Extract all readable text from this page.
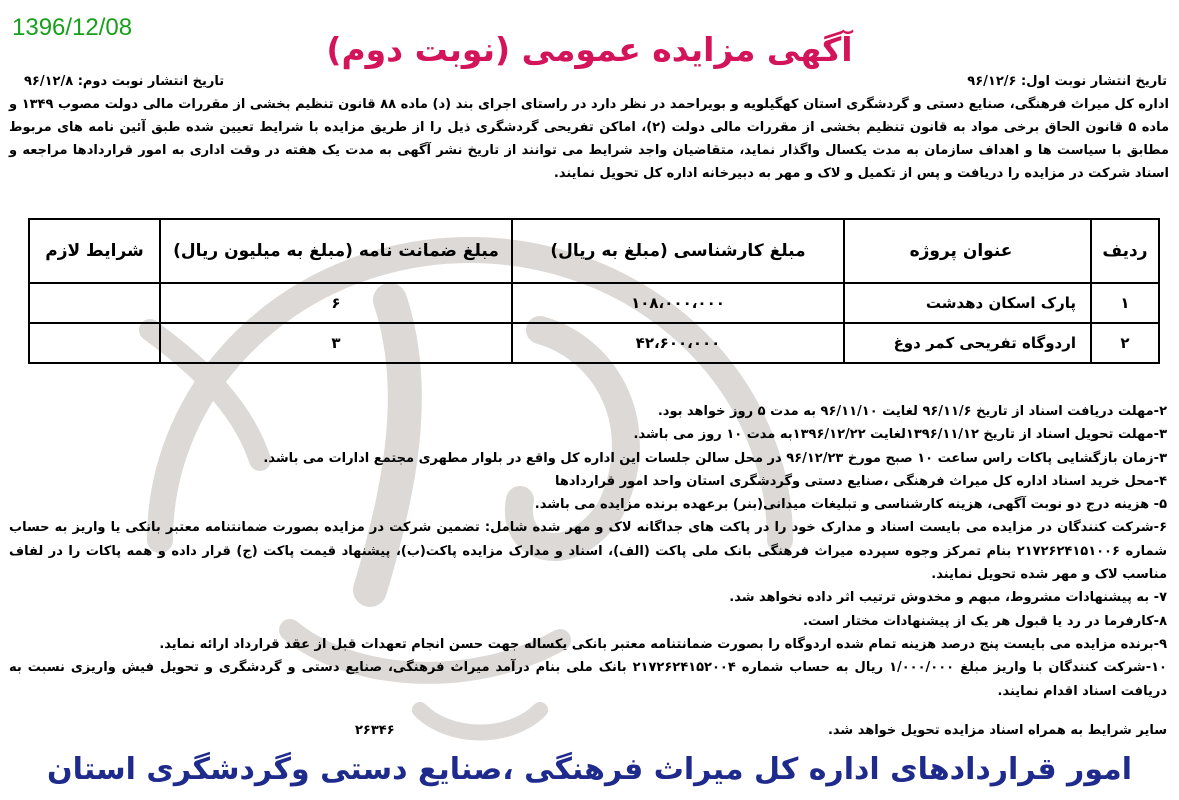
1396/12/08
آگهی مزایده عمومی (نوبت دوم)
تاریخ انتشار نوبت اول: ۹۶/۱۲/۶
تاریخ انتشار نوبت دوم: ۹۶/۱۲/۸
اداره کل میراث فرهنگی، صنایع دستی و گردشگری استان کهگیلویه و بویراحمد در نظر دارد در راستای اجرای بند (د) ماده ۸۸ قانون تنظیم بخشی از مقررات مالی دولت مصوب ۱۳۴۹ و ماده ۵ قانون الحاق برخی مواد به قانون تنظیم بخشی از مقررات مالی دولت (۲)، اماکن تفریحی گردشگری ذیل را از طریق مزایده با شرایط تعیین شده طبق آئین نامه های مربوط مطابق با سیاست ها و اهداف سازمان به مدت یکسال واگذار نماید، متقاضیان واجد شرایط می توانند از تاریخ نشر آگهی به مدت یک هفته در وقت اداری به امور قراردادها مراجعه و اسناد شرکت در مزایده را دریافت و پس از تکمیل و لاک و مهر به دبیرخانه اداره کل تحویل نمایند.
ردیف	عنوان پروژه	مبلغ کارشناسی (مبلغ به ریال)	مبلغ ضمانت نامه (مبلغ به میلیون ریال)	شرایط لازم
۱	پارک اسکان دهدشت	۱۰۸،۰۰۰،۰۰۰	۶	
۲	اردوگاه تفریحی کمر دوغ	۴۲،۶۰۰،۰۰۰	۳	
۲-مهلت دریافت اسناد از تاریخ ۹۶/۱۱/۶ لغایت ۹۶/۱۱/۱۰ به مدت ۵ روز خواهد بود.
۳-مهلت تحویل اسناد از تاریخ ۱۳۹۶/۱۱/۱۲لغایت ۱۳۹۶/۱۲/۲۲به مدت ۱۰ روز می باشد.
۳-زمان بازگشایی پاکات راس ساعت ۱۰ صبح مورخ ۹۶/۱۲/۲۳ در محل سالن جلسات این اداره کل واقع در بلوار مطهری مجتمع ادارات می باشد.
۴-محل خرید اسناد اداره کل میراث فرهنگی ،صنایع دستی وگردشگری استان واحد امور قراردادها
۵- هزینه درج دو نوبت آگهی، هزینه کارشناسی و تبلیغات میدانی(بنر) برعهده برنده مزایده می باشد.
۶-شرکت کنندگان در مزایده می بایست اسناد و مدارک خود را در پاکت های جداگانه لاک و مهر شده شامل: تضمین شرکت در مزایده بصورت ضمانتنامه معتبر بانکی یا واریز به حساب شماره ۲۱۷۲۶۲۴۱۵۱۰۰۶ بنام تمرکز وجوه سپرده میراث فرهنگی بانک ملی پاکت (الف)، اسناد و مدارک مزایده پاکت(ب)، پیشنهاد قیمت پاکت (ج) قرار داده و همه پاکات را در لفاف مناسب لاک و مهر شده تحویل نمایند.
۷- به پیشنهادات مشروط، مبهم و مخدوش ترتیب اثر داده نخواهد شد.
۸-کارفرما در رد یا قبول هر یک از پیشنهادات مختار است.
۹-برنده مزایده می بایست پنج درصد هزینه تمام شده اردوگاه را بصورت ضمانتنامه معتبر بانکی یکساله جهت حسن انجام تعهدات قبل از عقد قرارداد ارائه نماید.
۱۰-شرکت کنندگان با واریز مبلغ ۱/۰۰۰/۰۰۰ ریال به حساب شماره ۲۱۷۲۶۲۴۱۵۲۰۰۴ بانک ملی بنام درآمد میراث فرهنگی، صنایع دستی و گردشگری و تحویل فیش واریزی نسبت به دریافت اسناد اقدام نمایند.
سایر شرایط به همراه اسناد مزایده تحویل خواهد شد.
۲۶۳۴۶
امور قراردادهای اداره کل میراث فرهنگی ،صنایع دستی وگردشگری استان
